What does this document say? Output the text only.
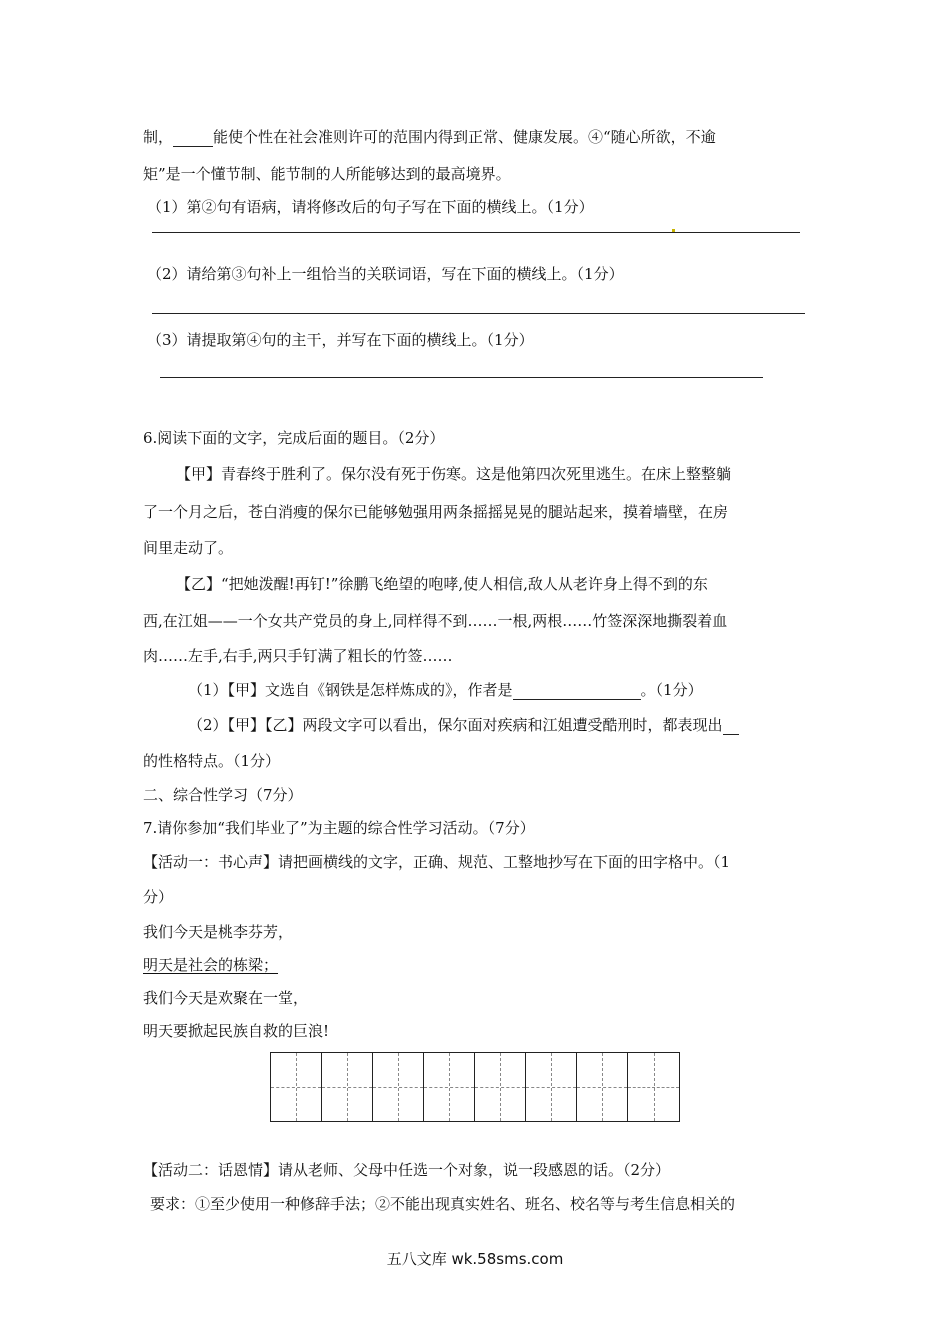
制，	能使个性在社会准则许可的范围内得到正常、健康发展。④“随心所欲，不逾
矩”是一个懂节制、能节制的人所能够达到的最高境界。
（1）第②句有语病，请将修改后的句子写在下面的横线上。（1分）
（2）请给第③句补上一组恰当的关联词语，写在下面的横线上。（1分）
（3）请提取第④句的主干，并写在下面的横线上。（1分）
6.阅读下面的文字，完成后面的题目。（2分）
【甲】青春终于胜利了。保尔没有死于伤寒。这是他第四次死里逃生。在床上整整躺
了一个月之后，苍白消瘦的保尔已能够勉强用两条摇摇晃晃的腿站起来，摸着墙壁，在房
间里走动了。
【乙】“把她泼醒!再钉!”徐鹏飞绝望的咆哮,使人相信,敌人从老许身上得不到的东
西,在江姐——一个女共产党员的身上,同样得不到……一根,两根……竹签深深地撕裂着血
肉……左手,右手,两只手钉满了粗长的竹签……
（1）【甲】文选自《钢铁是怎样炼成的》，作者是	。（1分）
（2）【甲】【乙】两段文字可以看出，保尔面对疾病和江姐遭受酷刑时，都表现出
的性格特点。（1分）
二、综合性学习（7分）
7.请你参加“我们毕业了”为主题的综合性学习活动。（7分）
【活动一：书心声】请把画横线的文字，正确、规范、工整地抄写在下面的田字格中。（1
分）
我们今天是桃李芬芳，
明天是社会的栋梁；
我们今天是欢聚在一堂，
明天要掀起民族自救的巨浪!
【活动二：话恩情】请从老师、父母中任选一个对象，说一段感恩的话。（2分）
要求：①至少使用一种修辞手法；②不能出现真实姓名、班名、校名等与考生信息相关的
五八文库 wk.58sms.com
